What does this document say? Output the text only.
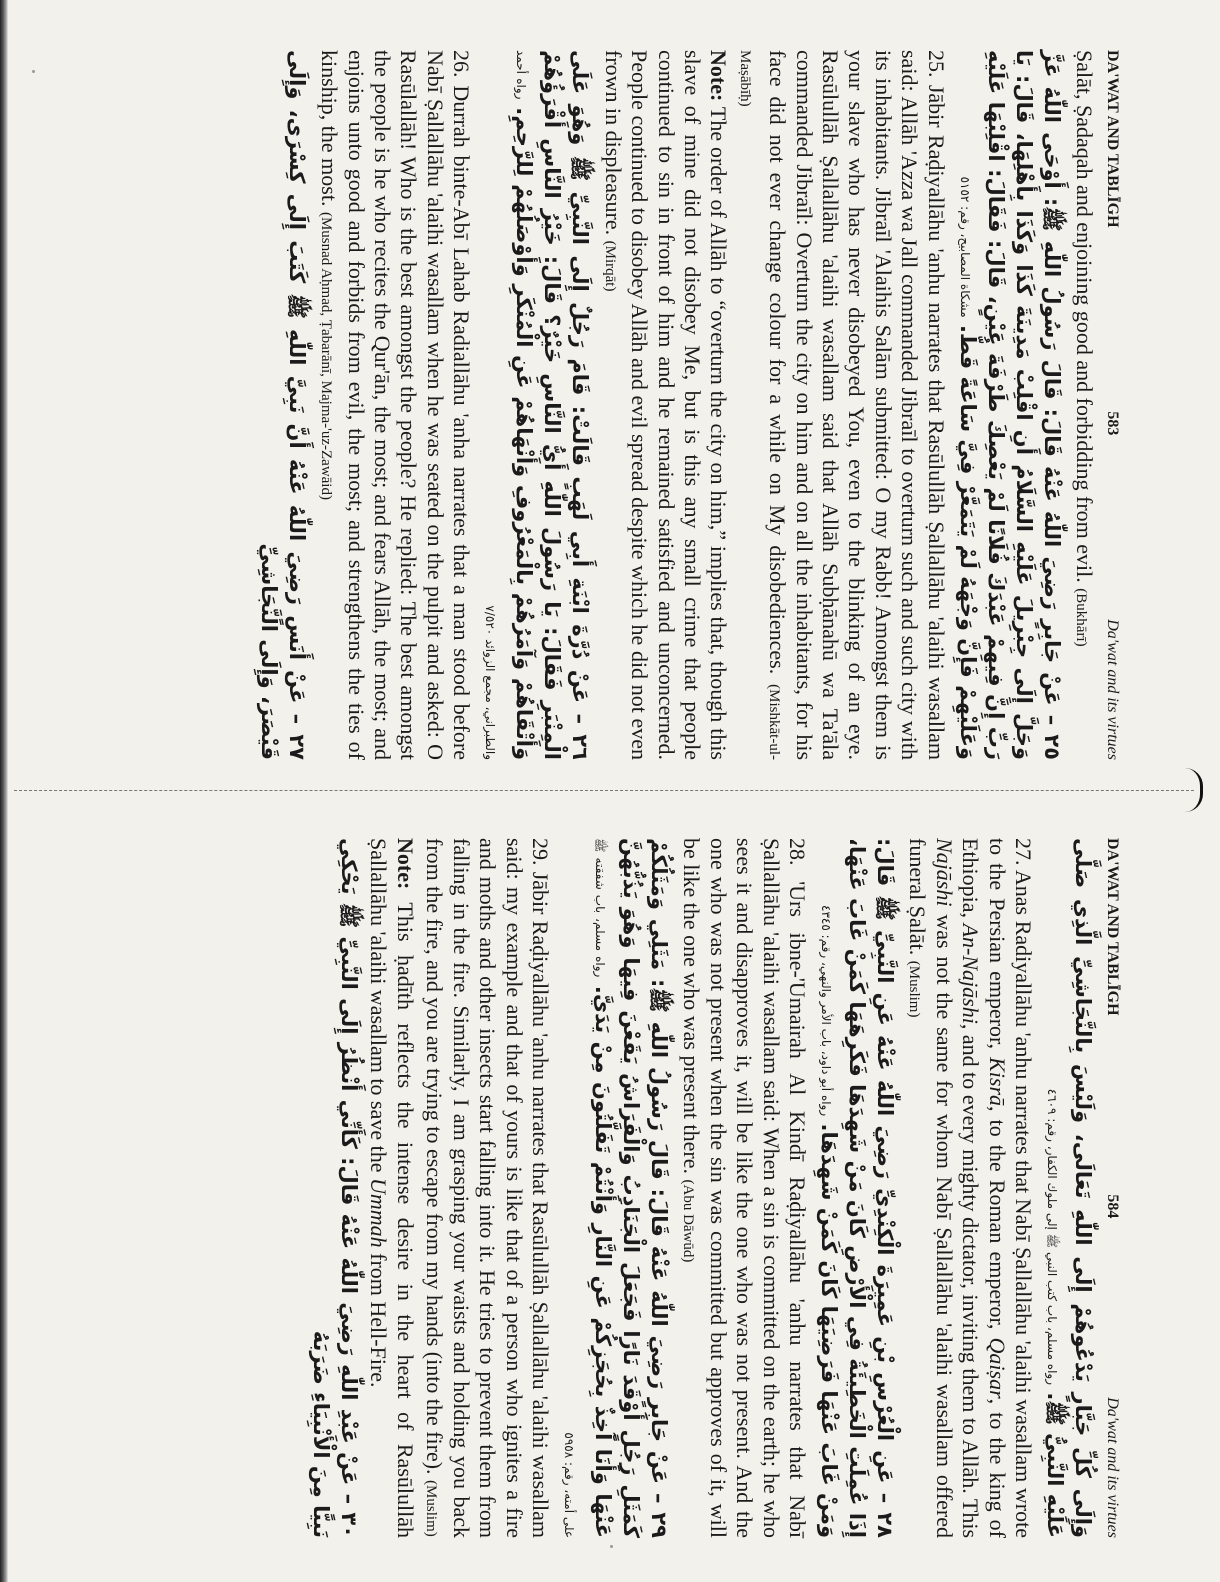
DA'WAT AND TABLĪGH
583
Da'wat and its virtues

Ṣalāt, Ṣadaqah and enjoining good and forbidding from evil. (Bukhārī)

٢٥ – عَنْ جَابِرٍ رَضِيَ اللّٰهُ عَنْهُ قَالَ: قَالَ رَسُولُ اللّٰهِ ﷺ: أَوْحَى اللّٰهُ عَزَّ وَجَلَّ إِلَى جِبْرِيلَ عَلَيْهِ السَّلَامُ أَنِ اقْلِبْ مَدِينَةَ كَذَا وَكَذَا بِأَهْلِهَا، قَالَ: يَا رَبِّ إِنَّ فِيهِمْ عَبْدَكَ فُلَانًا لَمْ يَعْصِكَ طَرْفَةَ عَيْنٍ، قَالَ: فَقَالَ: اقْلِبْهَا عَلَيْهِ وَعَلَيْهِمْ فَإِنَّ وَجْهَهُ لَمْ يَتَمَعَّرْ فِيَّ سَاعَةً قَطُّ. مشكاة المصابيح، رقم: ٥١٥٢

25. Jābir Raḍiyallāhu 'anhu narrates that Rasūlullāh Ṣallallāhu 'alaihi wasallam said: Allāh 'Azza wa Jall commanded Jibraīl to overturn such and such city with its inhabitants. Jibraīl 'Alaihis Salām submitted: O my Rabb! Amongst them is your slave who has never disobeyed You, even to the blinking of an eye. Rasūlullāh Ṣallallāhu 'alaihi wasallam said that Allāh Subḥānahū wa Ta'āla commanded Jibraīl: Overturn the city on him and on all the inhabitants, for his face did not ever change colour for a while on My disobediences. (Mishkāt-ul-Maṣābīḥ)

Note: The order of Allāh to “overturn the city on him,” implies that, though this slave of mine did not disobey Me, but is this any small crime that people continued to sin in front of him and he remained satisfied and unconcerned. People continued to disobey Allāh and evil spread despite which he did not even frown in displeasure. (Mirqāt)

٢٦ – عَنْ دُرَّةَ ابْنَةِ أَبِي لَهَبٍ قَالَتْ: قَامَ رَجُلٌ إِلَى النَّبِيِّ ﷺ وَهُوَ عَلَى الْمِنْبَرِ فَقَالَ: يَا رَسُولَ اللّٰهِ أَيُّ النَّاسِ خَيْرٌ؟ قَالَ: خَيْرُ النَّاسِ أَقْرَؤُهُمْ وَأَتْقَاهُمْ وَآمَرُهُمْ بِالْمَعْرُوفِ وَأَنْهَاهُمْ عَنِ الْمُنْكَرِ وَأَوْصَلُهُمْ لِلرَّحِمِ. رواه أحمد والطبراني، مجمع الزوائد ٧/٥٢٠

26. Durrah binte-Abī Lahab Radiallāhu 'anha narrates that a man stood before Nabī Ṣallallāhu 'alaihi wasallam when he was seated on the pulpit and asked: O Rasūlallāh! Who is the best amongst the people? He replied: The best amongst the people is he who recites the Qur'ān, the most; and fears Allāh, the most; and enjoins unto good and forbids from evil, the most; and strengthens the ties of kinship, the most. (Musnad Aḥmad, Ṭabarānī, Majma-'uz-Zawāid)

٢٧ – عَنْ أَنَسٍ رَضِيَ اللّٰهُ عَنْهُ أَنَّ نَبِيَّ اللّٰهِ ﷺ كَتَبَ إِلَى كِسْرَى، وَإِلَى قَيْصَرَ، وَإِلَى النَّجَاشِيِّ
DA'WAT AND TABLĪGH
584
Da'wat and its virtues
وَإِلَى كُلِّ جَبَّارٍ يَدْعُوهُمْ إِلَى اللّٰهِ تَعَالَى، وَلَيْسَ بِالنَّجَاشِيِّ الَّذِي صَلَّى عَلَيْهِ النَّبِيُّ ﷺ. رواه مسلم، باب كتب النبي ﷺ إلى ملوك الكفار، رقم: ٤٦٠٩

27. Anas Radiyallāhu 'anhu narrates that Nabī Ṣallallāhu 'alaihi wasallam wrote to the Persian emperor, Kisrā, to the Roman emperor, Qaiṣar, to the king of Ethiopia, An-Najāshi, and to every mighty dictator, inviting them to Allāh. This Najāshi was not the same for whom Nabī Ṣallallāhu 'alaihi wasallam offered funeral Ṣalāt. (Muslim)

٢٨ – عَنِ الْعُرْسِ بْنِ عَمِيرَةَ الْكِنْدِيِّ رَضِيَ اللّٰهُ عَنْهُ عَنِ النَّبِيِّ ﷺ قَالَ: إِذَا عُمِلَتِ الْخَطِيئَةُ فِي الْأَرْضِ كَانَ مَنْ شَهِدَهَا فَكَرِهَهَا كَمَنْ غَابَ عَنْهَا، وَمَنْ غَابَ عَنْهَا فَرَضِيَهَا كَانَ كَمَنْ شَهِدَهَا. رواه أبو داود، باب الأمر والنهي، رقم: ٤٣٤٥

28. 'Urs ibne-'Umairah Al Kindī Raḍiyallāhu 'anhu narrates that Nabī Ṣallallāhu 'alaihi wasallam said: When a sin is committed on the earth; he who sees it and disapproves it, will be like the one who was not present. And the one who was not present when the sin was committed but approves of it, will be like the one who was present there. (Abu Dāwūd)

٢٩ – عَنْ جَابِرٍ رَضِيَ اللّٰهُ عَنْهُ قَالَ: قَالَ رَسُولُ اللّٰهِ ﷺ: مَثَلِي وَمَثَلُكُمْ كَمَثَلِ رَجُلٍ أَوْقَدَ نَارًا فَجَعَلَ الْجَنَادِبُ وَالْفَرَاشُ يَقَعْنَ فِيهَا وَهُوَ يَذُبُّهُنَّ عَنْهَا وَأَنَا آخِذٌ بِحُجَزِكُمْ عَنِ النَّارِ وَأَنْتُمْ تَفَلَّتُونَ مِنْ يَدَيَّ. رواه مسلم، باب شفقته ﷺ على أمته، رقم: ٥٩٥٨

29. Jābir Raḍiyallāhu 'anhu narrates that Rasūlullāh Ṣallallāhu 'alaihi wasallam said: my example and that of yours is like that of a person who ignites a fire and moths and other insects start falling into it. He tries to prevent them from falling in the fire. Similarly, I am grasping your waists and holding you back from the fire, and you are trying to escape from my hands (into the fire). (Muslim)

Note: This ḥadīth reflects the intense desire in the heart of Rasūlullāh Ṣallallāhu 'alaihi wasallam to save the Ummah from Hell-Fire.

٣٠ – عَنْ عَبْدِ اللّٰهِ رَضِيَ اللّٰهُ عَنْهُ قَالَ: كَأَنِّي أَنْظُرُ إِلَى النَّبِيِّ ﷺ يَحْكِي نَبِيًّا مِنَ الْأَنْبِيَاءِ ضَرَبَهُ
